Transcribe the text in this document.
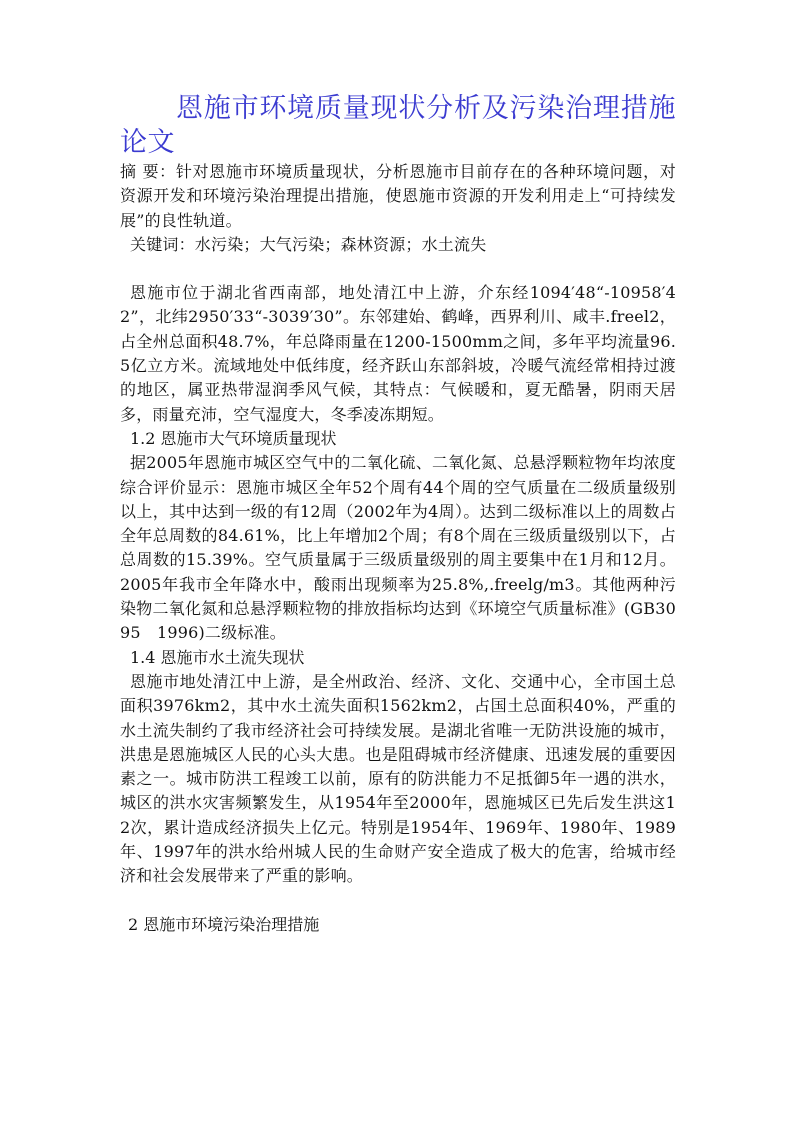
恩施市环境质量现状分析及污染治理措施论文

摘 要：针对恩施市环境质量现状，分析恩施市目前存在的各种环境问题，对资源开发和环境污染治理提出措施，使恩施市资源的开发利用走上“可持续发展”的良性轨道。

关键词：水污染；大气污染；森林资源；水土流失

恩施市位于湖北省西南部，地处清江中上游，介东经1094′48“-10958′42”，北纬2950′33“-3039′30”。东邻建始、鹤峰，西界利川、咸丰.freel2，占全州总面积48.7%，年总降雨量在1200-1500mm之间，多年平均流量96.5亿立方米。流域地处中低纬度，经齐跃山东部斜坡，冷暖气流经常相持过渡的地区，属亚热带湿润季风气候，其特点：气候暖和，夏无酷暑，阴雨天居多，雨量充沛，空气湿度大，冬季凌冻期短。

1.2 恩施市大气环境质量现状

据2005年恩施市城区空气中的二氧化硫、二氧化氮、总悬浮颗粒物年均浓度综合评价显示：恩施市城区全年52个周有44个周的空气质量在二级质量级别以上，其中达到一级的有12周（2002年为4周）。达到二级标准以上的周数占全年总周数的84.61%，比上年增加2个周；有8个周在三级质量级别以下，占总周数的15.39%。空气质量属于三级质量级别的周主要集中在1月和12月。2005年我市全年降水中，酸雨出现频率为25.8%,.freelg/m3。其他两种污染物二氧化氮和总悬浮颗粒物的排放指标均达到《环境空气质量标准》(GB3095　1996)二级标准。

1.4 恩施市水土流失现状

恩施市地处清江中上游，是全州政治、经济、文化、交通中心，全市国土总面积3976km2，其中水土流失面积1562km2，占国土总面积40%，严重的水土流失制约了我市经济社会可持续发展。是湖北省唯一无防洪设施的城市，洪患是恩施城区人民的心头大患。也是阻碍城市经济健康、迅速发展的重要因素之一。城市防洪工程竣工以前，原有的防洪能力不足抵御5年一遇的洪水，城区的洪水灾害频繁发生，从1954年至2000年，恩施城区已先后发生洪这12次，累计造成经济损失上亿元。特别是1954年、1969年、1980年、1989年、1997年的洪水给州城人民的生命财产安全造成了极大的危害，给城市经济和社会发展带来了严重的影响。

2 恩施市环境污染治理措施
